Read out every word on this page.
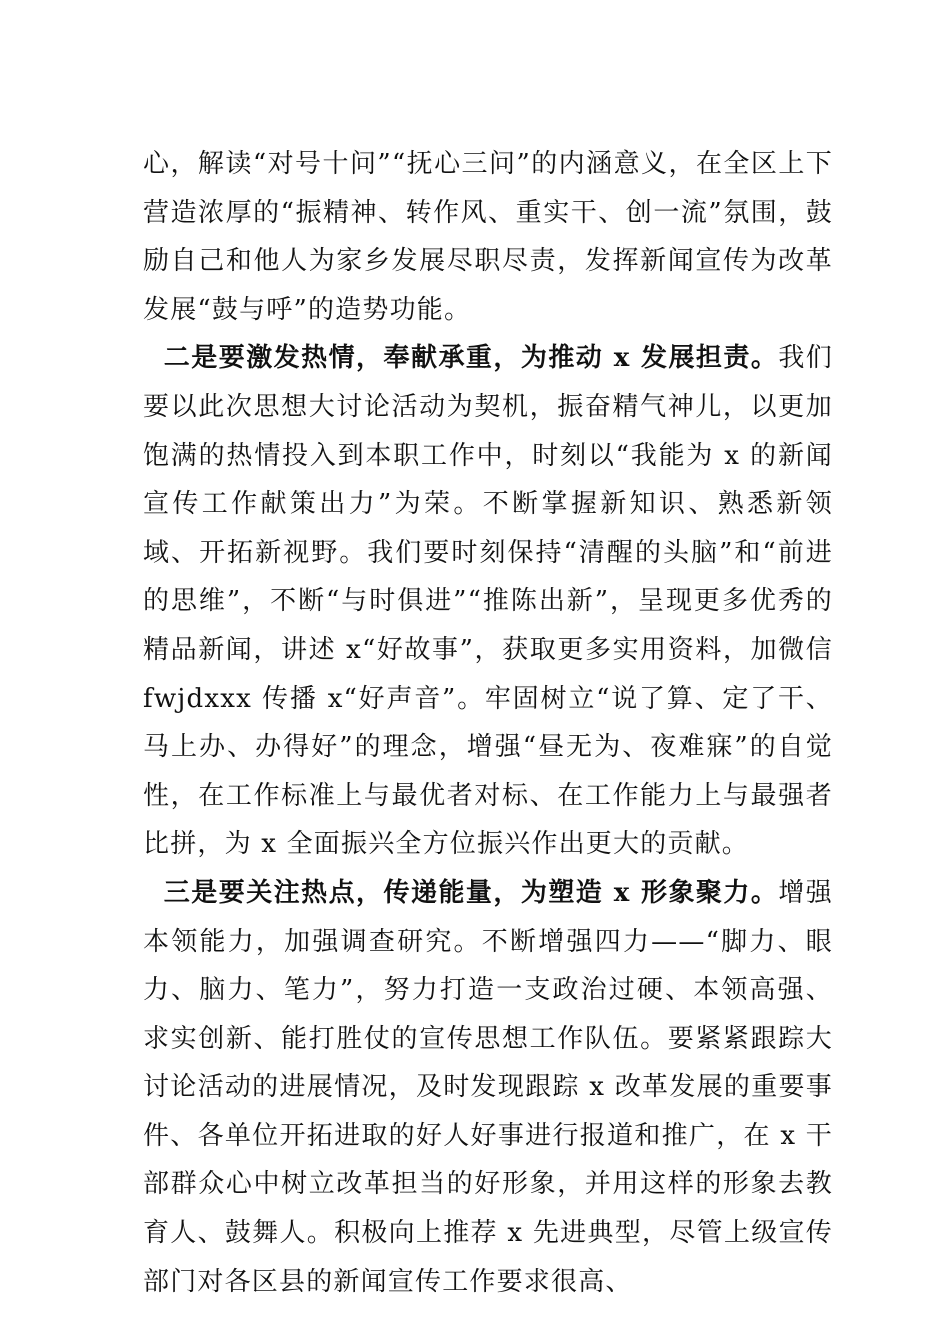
心，解读“对号十问”“抚心三问”的内涵意义，在全区上下营造浓厚的“振精神、转作风、重实干、创一流”氛围，鼓励自己和他人为家乡发展尽职尽责，发挥新闻宣传为改革发展“鼓与呼”的造势功能。

二是要激发热情，奉献承重，为推动 x 发展担责。我们要以此次思想大讨论活动为契机，振奋精气神儿，以更加饱满的热情投入到本职工作中，时刻以“我能为 x 的新闻宣传工作献策出力”为荣。不断掌握新知识、熟悉新领域、开拓新视野。我们要时刻保持“清醒的头脑”和“前进的思维”，不断“与时俱进”“推陈出新”，呈现更多优秀的精品新闻，讲述 x“好故事”，获取更多实用资料，加微信 fwjdxxx 传播 x“好声音”。牢固树立“说了算、定了干、马上办、办得好”的理念，增强“昼无为、夜难寐”的自觉性，在工作标准上与最优者对标、在工作能力上与最强者比拼，为 x 全面振兴全方位振兴作出更大的贡献。

三是要关注热点，传递能量，为塑造 x 形象聚力。增强本领能力，加强调查研究。不断增强四力——“脚力、眼力、脑力、笔力”，努力打造一支政治过硬、本领高强、求实创新、能打胜仗的宣传思想工作队伍。要紧紧跟踪大讨论活动的进展情况，及时发现跟踪 x 改革发展的重要事件、各单位开拓进取的好人好事进行报道和推广，在 x 干部群众心中树立改革担当的好形象，并用这样的形象去教育人、鼓舞人。积极向上推荐 x 先进典型，尽管上级宣传部门对各区县的新闻宣传工作要求很高、
